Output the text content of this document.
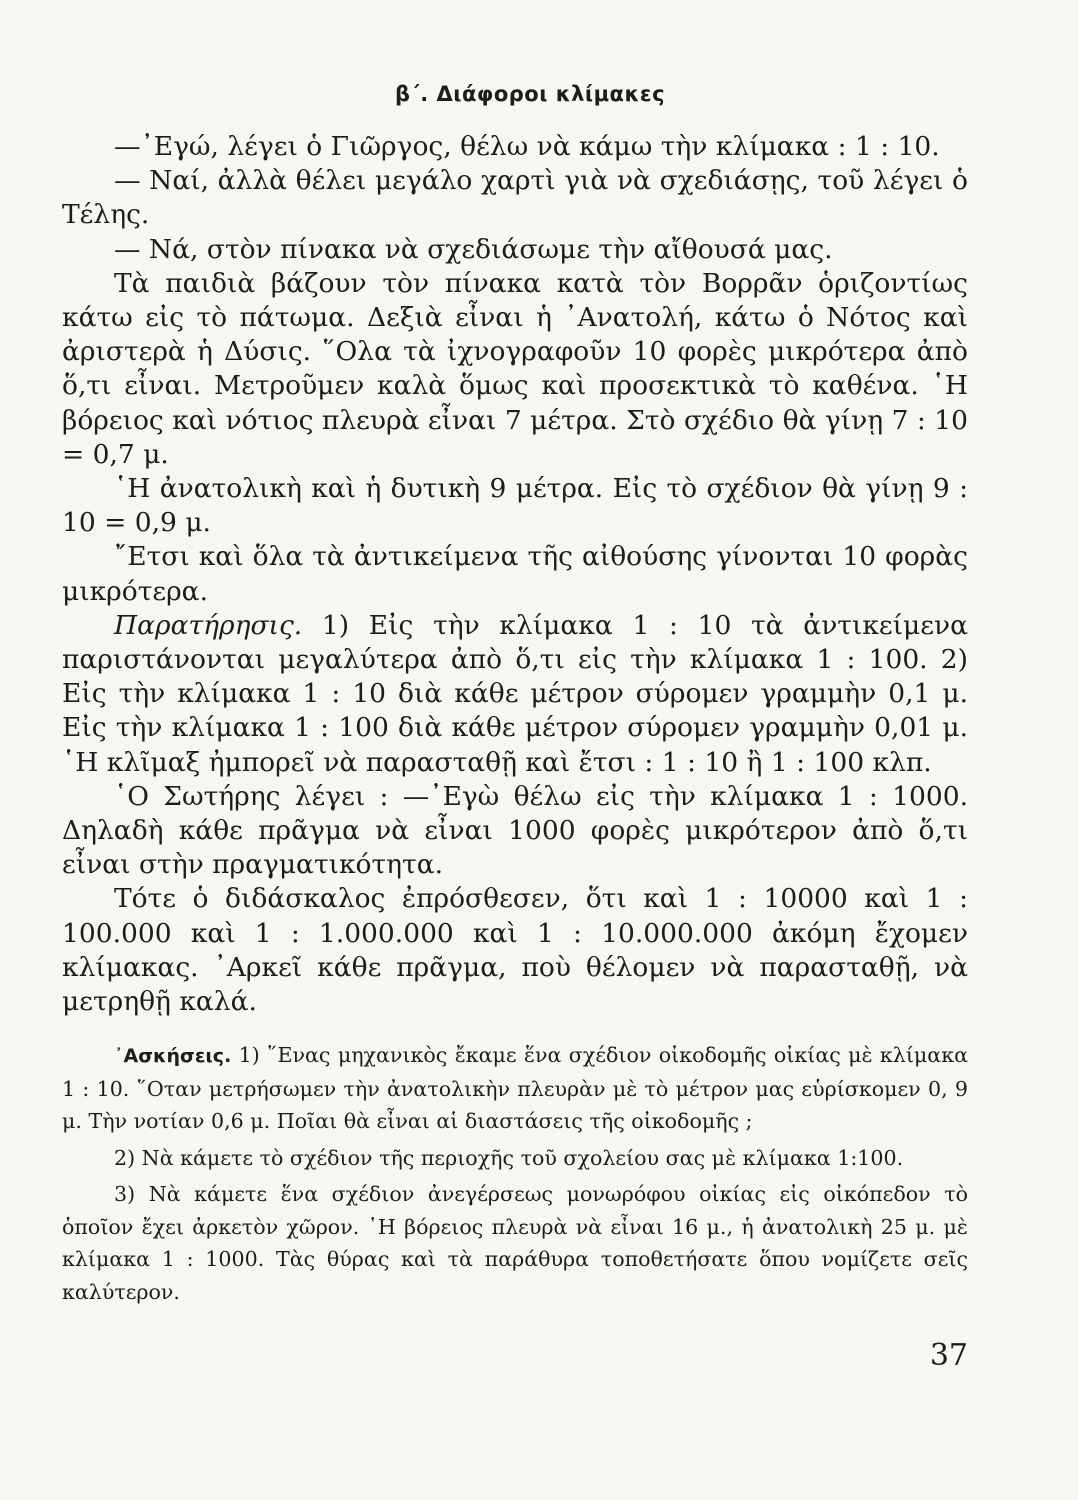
β΄. Διάφοροι κλίμακες

—᾿Εγώ, λέγει ὁ Γιῶργος, θέλω νὰ κάμω τὴν κλίμακα : 1 : 10.

— Ναί, ἀλλὰ θέλει μεγάλο χαρτὶ γιὰ νὰ σχεδιάσῃς, τοῦ λέγει ὁ Τέλης.

— Νά, στὸν πίνακα νὰ σχεδιάσωμε τὴν αἴθουσά μας.

Τὰ παιδιὰ βάζουν τὸν πίνακα κατὰ τὸν Βορρᾶν ὁριζοντίως κάτω εἰς τὸ πάτωμα. Δεξιὰ εἶναι ἡ ᾿Ανατολή, κάτω ὁ Νότος καὶ ἀριστερὰ ἡ Δύσις. ῞Ολα τὰ ἰχνογραφοῦν 10 φορὲς μικρότερα ἀπὸ ὅ,τι εἶναι. Μετροῦμεν καλὰ ὅμως καὶ προσεκτικὰ τὸ καθένα. ῾Η βόρειος καὶ νότιος πλευρὰ εἶναι 7 μέτρα. Στὸ σχέδιο θὰ γίνῃ 7 : 10 = 0,7 μ.

῾Η ἀνατολικὴ καὶ ἡ δυτικὴ 9 μέτρα. Εἰς τὸ σχέδιον θὰ γίνῃ 9 : 10 = 0,9 μ.

῎Ετσι καὶ ὅλα τὰ ἀντικείμενα τῆς αἰθούσης γίνονται 10 φορὰς μικρότερα.

Παρατήρησις. 1) Εἰς τὴν κλίμακα 1 : 10 τὰ ἀντικείμενα παριστάνονται μεγαλύτερα ἀπὸ ὅ,τι εἰς τὴν κλίμακα 1 : 100. 2) Εἰς τὴν κλίμακα 1 : 10 διὰ κάθε μέτρον σύρομεν γραμμὴν 0,1 μ. Εἰς τὴν κλίμακα 1 : 100 διὰ κάθε μέτρον σύρομεν γραμμὴν 0,01 μ. ῾Η κλῖμαξ ἠμπορεῖ νὰ παρασταθῇ καὶ ἔτσι : 1 : 10 ἢ 1 : 100 κλπ.

῾Ο Σωτήρης λέγει : —᾿Εγὼ θέλω εἰς τὴν κλίμακα 1 : 1000. Δηλαδὴ κάθε πρᾶγμα νὰ εἶναι 1000 φορὲς μικρότερον ἀπὸ ὅ,τι εἶναι στὴν πραγματικότητα.

Τότε ὁ διδάσκαλος ἐπρόσθεσεν, ὅτι καὶ 1 : 10000 καὶ 1 : 100.000 καὶ 1 : 1.000.000 καὶ 1 : 10.000.000 ἀκόμη ἔχομεν κλίμακας. ᾿Αρκεῖ κάθε πρᾶγμα, ποὺ θέλομεν νὰ παρασταθῇ, νὰ μετρηθῇ καλά.

᾿Ασκήσεις. 1) ῞Ενας μηχανικὸς ἔκαμε ἕνα σχέδιον οἰκοδομῆς οἰκίας μὲ κλίμακα 1 : 10. ῞Οταν μετρήσωμεν τὴν ἀνατολικὴν πλευρὰν μὲ τὸ μέτρον μας εὑρίσκομεν 0, 9 μ. Τὴν νοτίαν 0,6 μ. Ποῖαι θὰ εἶναι αἱ διαστάσεις τῆς οἰκοδομῆς ;

2) Νὰ κάμετε τὸ σχέδιον τῆς περιοχῆς τοῦ σχολείου σας μὲ κλίμακα 1:100.

3) Νὰ κάμετε ἕνα σχέδιον ἀνεγέρσεως μονωρόφου οἰκίας εἰς οἰκόπεδον τὸ ὁποῖον ἔχει ἀρκετὸν χῶρον. ῾Η βόρειος πλευρὰ νὰ εἶναι 16 μ., ἡ ἀνατολικὴ 25 μ. μὲ κλίμακα 1 : 1000. Τὰς θύρας καὶ τὰ παράθυρα τοποθετήσατε ὅπου νομίζετε σεῖς καλύτερον.

37
